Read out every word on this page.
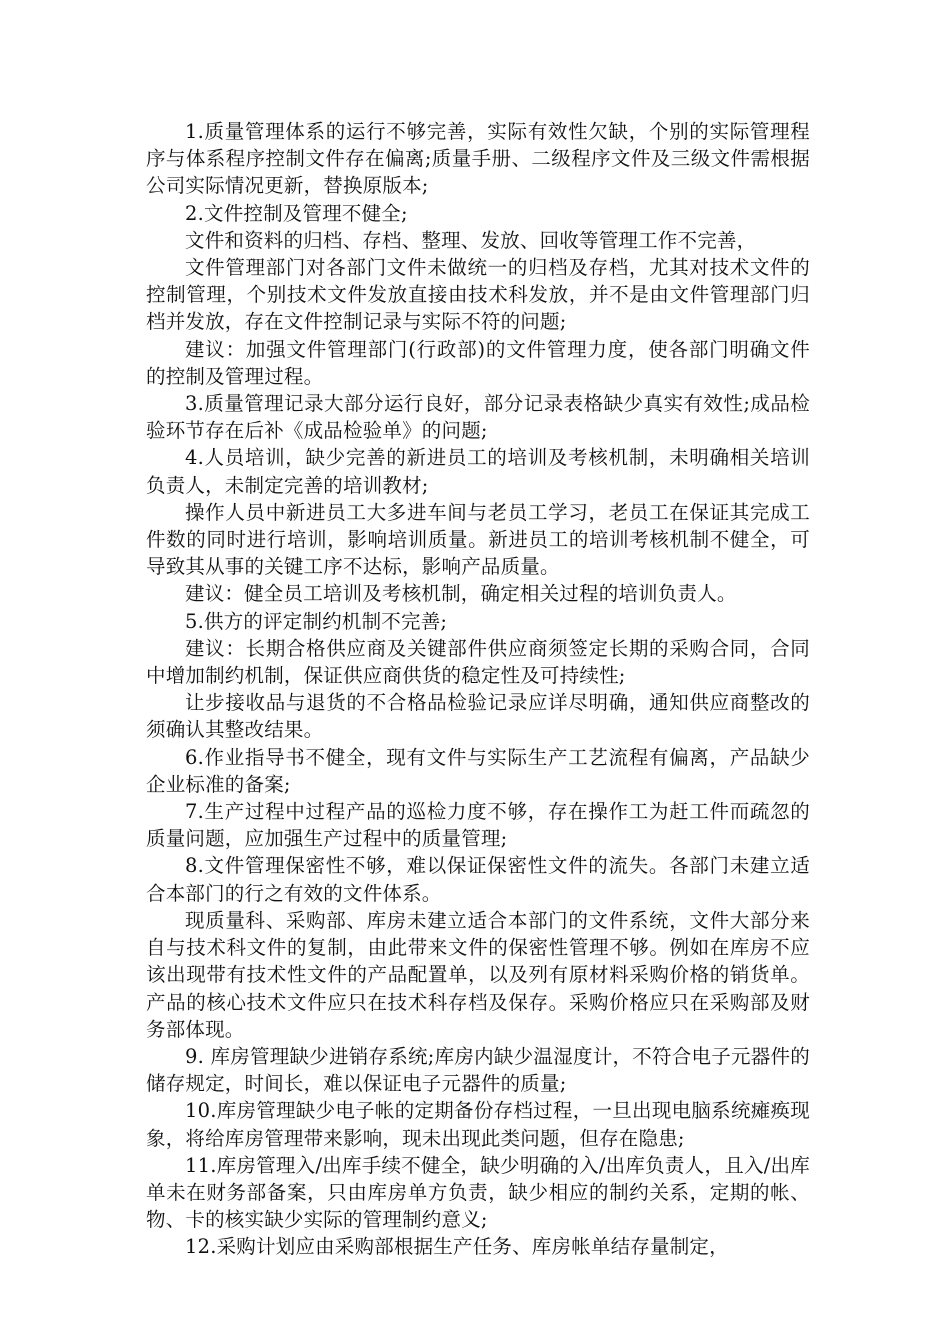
1.质量管理体系的运行不够完善，实际有效性欠缺，个别的实际管理程序与体系程序控制文件存在偏离;质量手册、二级程序文件及三级文件需根据公司实际情况更新，替换原版本;

2.文件控制及管理不健全;

文件和资料的归档、存档、整理、发放、回收等管理工作不完善，

文件管理部门对各部门文件未做统一的归档及存档，尤其对技术文件的控制管理，个别技术文件发放直接由技术科发放，并不是由文件管理部门归档并发放，存在文件控制记录与实际不符的问题;

建议：加强文件管理部门(行政部)的文件管理力度，使各部门明确文件的控制及管理过程。

3.质量管理记录大部分运行良好，部分记录表格缺少真实有效性;成品检验环节存在后补《成品检验单》的问题;

4.人员培训，缺少完善的新进员工的培训及考核机制，未明确相关培训负责人，未制定完善的培训教材;

操作人员中新进员工大多进车间与老员工学习，老员工在保证其完成工件数的同时进行培训，影响培训质量。新进员工的培训考核机制不健全，可导致其从事的关键工序不达标，影响产品质量。

建议：健全员工培训及考核机制，确定相关过程的培训负责人。

5.供方的评定制约机制不完善;

建议：长期合格供应商及关键部件供应商须签定长期的采购合同，合同中增加制约机制，保证供应商供货的稳定性及可持续性;

让步接收品与退货的不合格品检验记录应详尽明确，通知供应商整改的须确认其整改结果。

6.作业指导书不健全，现有文件与实际生产工艺流程有偏离，产品缺少企业标准的备案;

7.生产过程中过程产品的巡检力度不够，存在操作工为赶工件而疏忽的质量问题，应加强生产过程中的质量管理;

8.文件管理保密性不够，难以保证保密性文件的流失。各部门未建立适合本部门的行之有效的文件体系。

现质量科、采购部、库房未建立适合本部门的文件系统，文件大部分来自与技术科文件的复制，由此带来文件的保密性管理不够。例如在库房不应该出现带有技术性文件的产品配置单，以及列有原材料采购价格的销货单。产品的核心技术文件应只在技术科存档及保存。采购价格应只在采购部及财务部体现。

9. 库房管理缺少进销存系统;库房内缺少温湿度计，不符合电子元器件的储存规定，时间长，难以保证电子元器件的质量;

10.库房管理缺少电子帐的定期备份存档过程，一旦出现电脑系统瘫痪现象，将给库房管理带来影响，现未出现此类问题，但存在隐患;

11.库房管理入/出库手续不健全，缺少明确的入/出库负责人，且入/出库单未在财务部备案，只由库房单方负责，缺少相应的制约关系，定期的帐、物、卡的核实缺少实际的管理制约意义;

12.采购计划应由采购部根据生产任务、库房帐单结存量制定，
